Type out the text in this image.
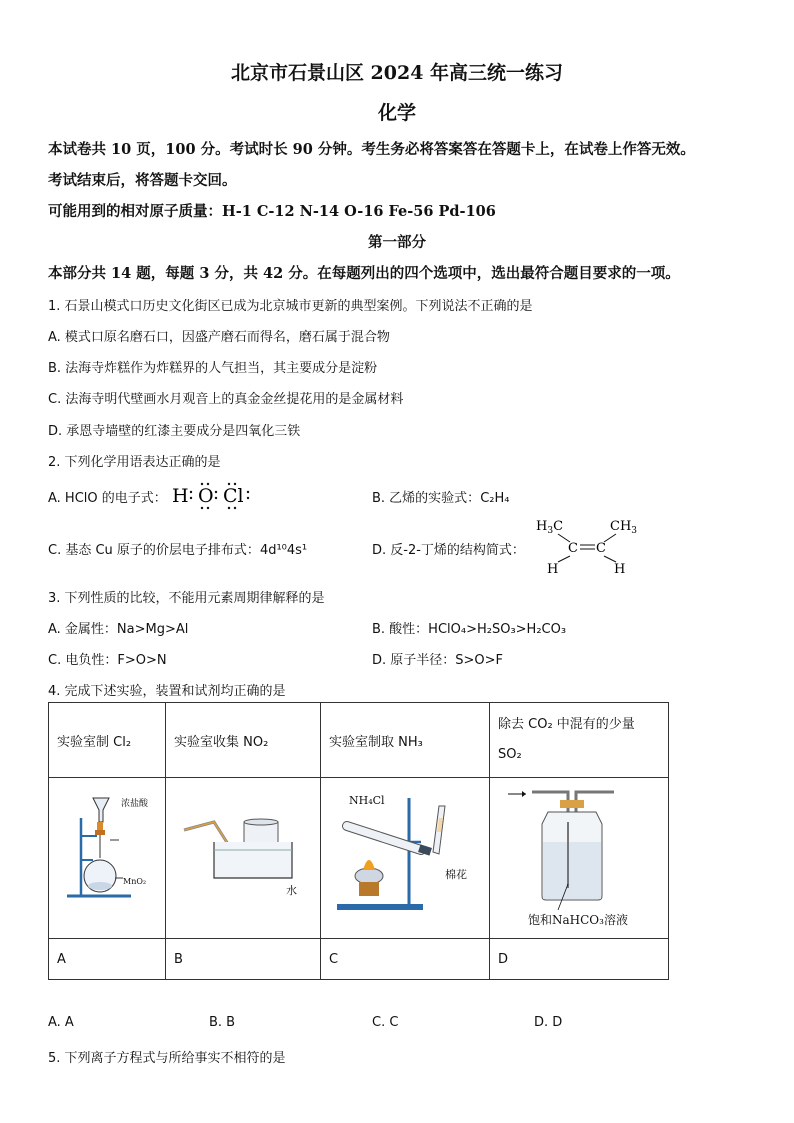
北京市石景山区 2024 年高三统一练习
化学
本试卷共 10 页，100 分。考试时长 90 分钟。考生务必将答案答在答题卡上，在试卷上作答无效。
考试结束后，将答题卡交回。
可能用到的相对原子质量：H-1 C-12 N-14 O-16 Fe-56 Pd-106
第一部分
本部分共 14 题，每题 3 分，共 42 分。在每题列出的四个选项中，选出最符合题目要求的一项。
1. 石景山模式口历史文化街区已成为北京城市更新的典型案例。下列说法不正确的是
A. 模式口原名磨石口，因盛产磨石而得名，磨石属于混合物
B. 法海寺炸糕作为炸糕界的人气担当，其主要成分是淀粉
C. 法海寺明代壁画水月观音上的真金金丝提花用的是金属材料
D. 承恩寺墙壁的红漆主要成分是四氧化三铁
2. 下列化学用语表达正确的是
A. HClO 的电子式： H O Cl	B. 乙烯的实验式：C₂H₄
C. 基态 Cu 原子的价层电子排布式：4d¹⁰4s¹	D. 反-2-丁烯的结构简式：
$H_3C$	$CH_3$
C C
H	H
3. 下列性质的比较，不能用元素周期律解释的是
A. 金属性：Na>Mg>Al	B. 酸性：HClO₄>H₂SO₃>H₂CO₃
C. 电负性：F>O>N	D. 原子半径：S>O>F
4. 完成下述实验，装置和试剂均正确的是
实验室制 Cl₂	实验室收集 NO₂	实验室制取 NH₃	除去 CO₂ 中混有的少量 SO₂

浓盐酸
MnO₂	水	NH₄Cl
棉花	饱和NaHCO₃溶液

A	B	C	D
A. A	B. B	C. C	D. D
5. 下列离子方程式与所给事实不相符的是
